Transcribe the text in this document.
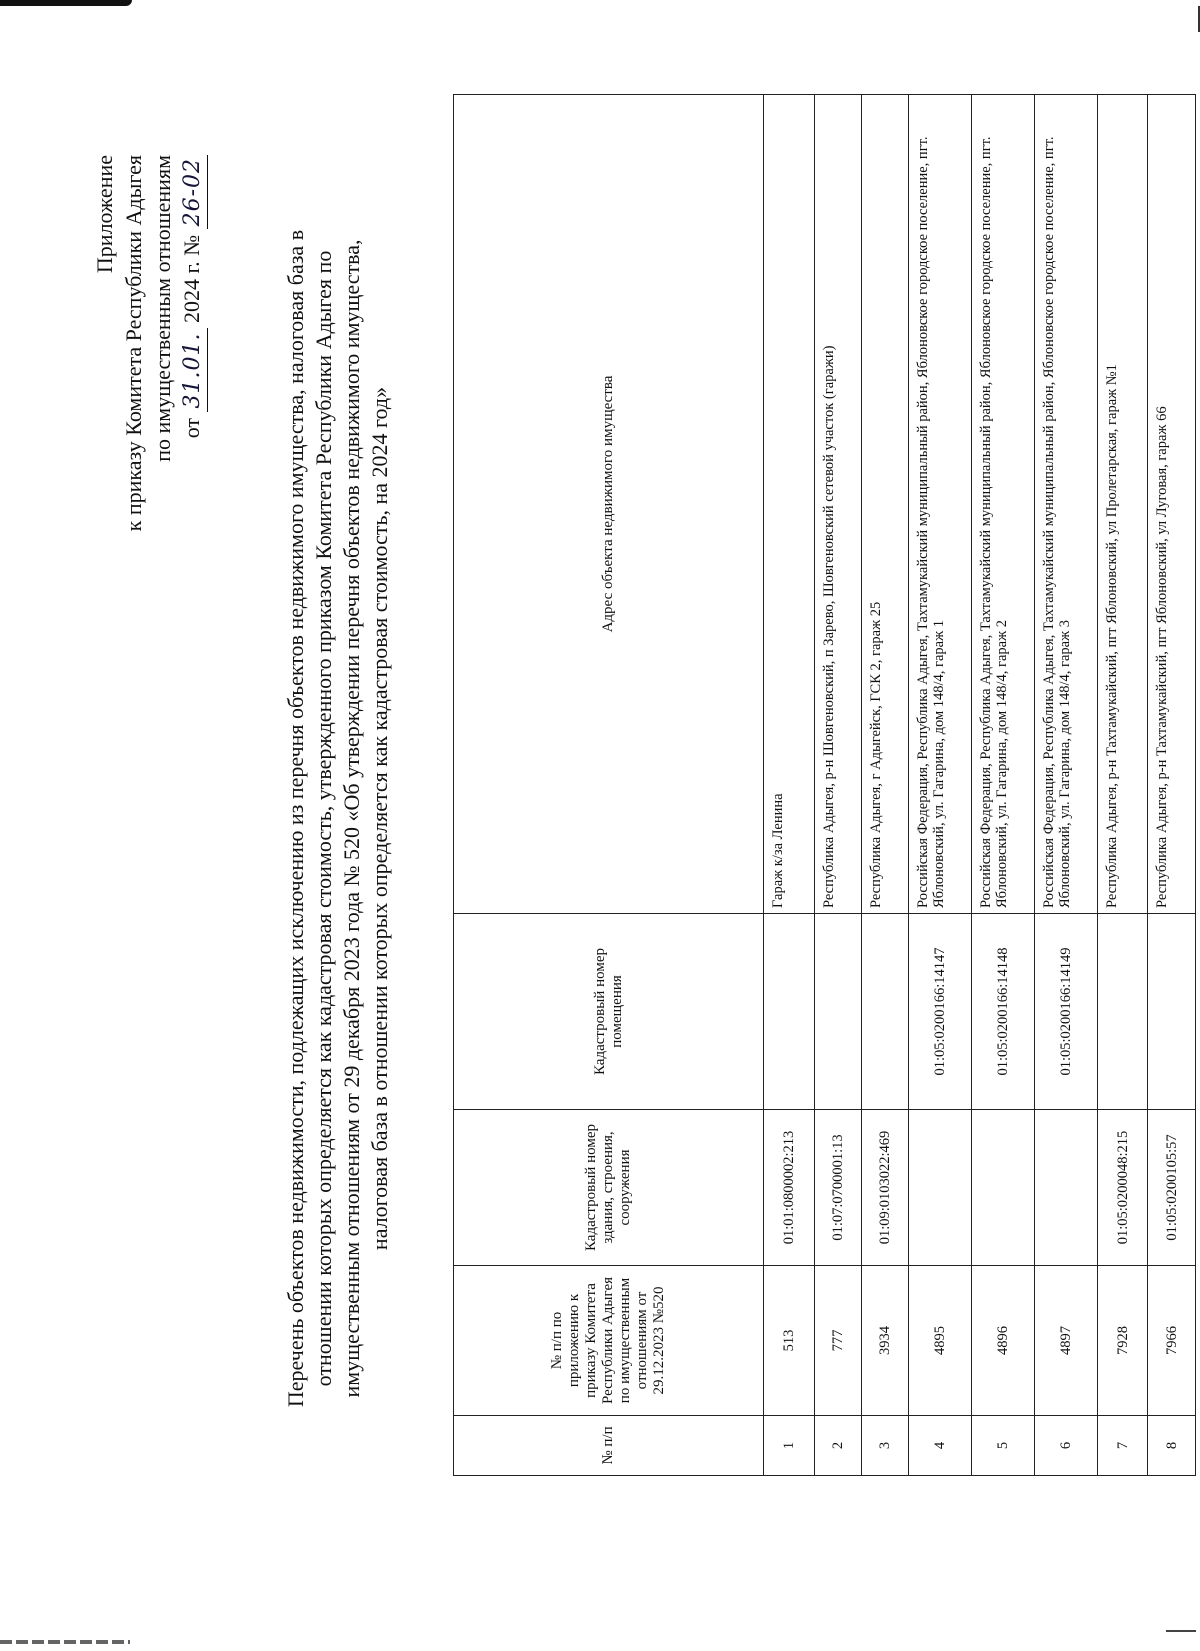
Приложение к приказу Комитета Республики Адыгея по имущественным отношениям от 31.01. 2024 г. № 26-02
Перечень объектов недвижимости, подлежащих исключению из перечня объектов недвижимого имущества, налоговая база в отношении которых определяется как кадастровая стоимость, утвержденного приказом Комитета Республики Адыгея по имущественным отношениям от 29 декабря 2023 года № 520 «Об утверждении перечня объектов недвижимого имущества, налоговая база в отношении которых определяется как кадастровая стоимость, на 2024 год»
№ п/п	№ п/п по приложению к приказу Комитета Республики Адыгея по имущественным отношениям от 29.12.2023 №520	Кадастровый номер здания, строения, сооружения	Кадастровый номер помещения	Адрес объекта недвижимого имущества
1	513	01:01:0800002:213		Гараж к/за Ленина
2	777	01:07:0700001:13		Республика Адыгея, р-н Шовгеновский, п Зарево, Шовгеновский сетевой участок (гаражи)
3	3934	01:09:0103022:469		Республика Адыгея, г Адыгейск, ГСК 2, гараж 25
4	4895		01:05:0200166:14147	Российская Федерация, Республика Адыгея, Тахтамукайский муниципальный район, Яблоновское городское поселение, пгт. Яблоновский, ул. Гагарина, дом 148/4, гараж 1
5	4896		01:05:0200166:14148	Российская Федерация, Республика Адыгея, Тахтамукайский муниципальный район, Яблоновское городское поселение, пгт. Яблоновский, ул. Гагарина, дом 148/4, гараж 2
6	4897		01:05:0200166:14149	Российская Федерация, Республика Адыгея, Тахтамукайский муниципальный район, Яблоновское городское поселение, пгт. Яблоновский, ул. Гагарина, дом 148/4, гараж 3
7	7928	01:05:0200048:215		Республика Адыгея, р-н Тахтамукайский, пгт Яблоновский, ул Пролетарская, гараж №1
8	7966	01:05:0200105:57		Республика Адыгея, р-н Тахтамукайский, пгт Яблоновский, ул Луговая, гараж 66
